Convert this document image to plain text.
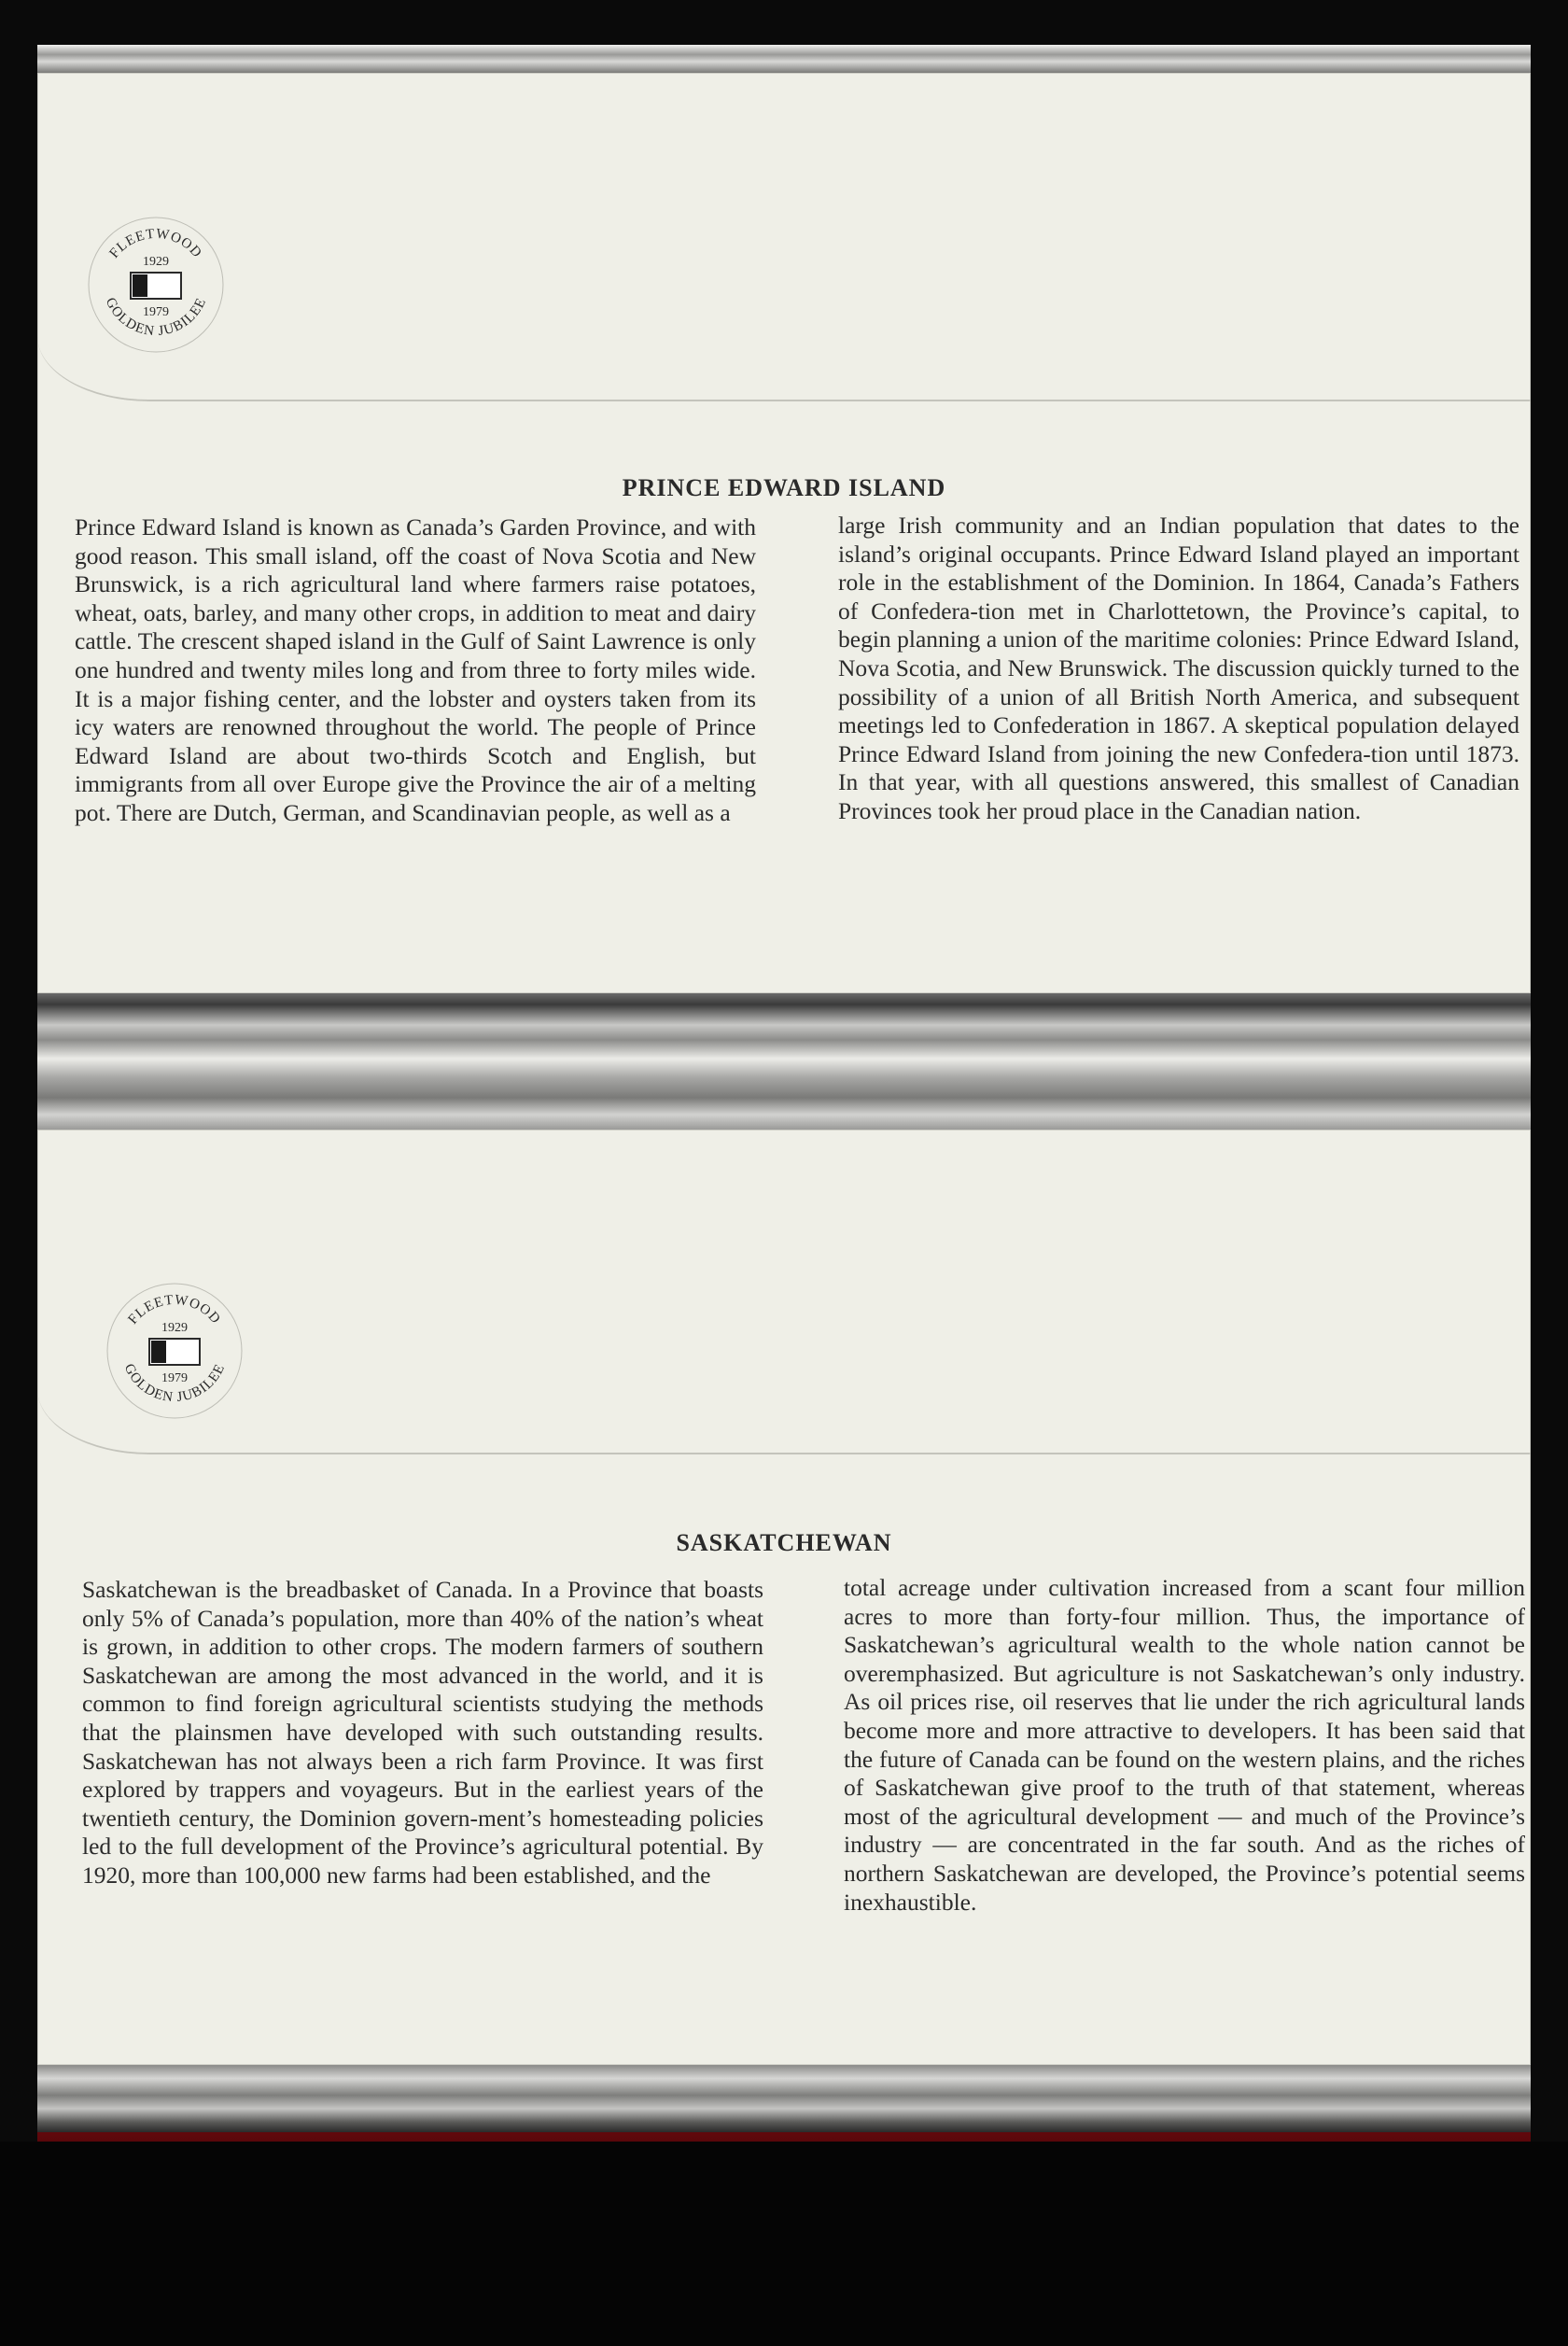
FLEETWOOD
GOLDEN JUBILEE
1929
1979
PRINCE EDWARD ISLAND

Prince Edward Island is known as Canada’s Garden Province, and with good reason. This small island, off the coast of Nova Scotia and New Brunswick, is a rich agricultural land where farmers raise potatoes, wheat, oats, barley, and many other crops, in addition to meat and dairy cattle. The crescent shaped island in the Gulf of Saint Lawrence is only one hundred and twenty miles long and from three to forty miles wide. It is a major fishing center, and the lobster and oysters taken from its icy waters are renowned throughout the world. The people of Prince Edward Island are about two-thirds Scotch and English, but immigrants from all over Europe give the Province the air of a melting pot. There are Dutch, German, and Scandinavian people, as well as a

large Irish community and an Indian population that dates to the island’s original occupants. Prince Edward Island played an important role in the establishment of the Dominion. In 1864, Canada’s Fathers of Confedera-tion met in Charlottetown, the Province’s capital, to begin planning a union of the maritime colonies: Prince Edward Island, Nova Scotia, and New Brunswick. The discussion quickly turned to the possibility of a union of all British North America, and subsequent meetings led to Confederation in 1867. A skeptical population delayed Prince Edward Island from joining the new Confedera-tion until 1873. In that year, with all questions answered, this smallest of Canadian Provinces took her proud place in the Canadian nation.

FLEETWOOD
GOLDEN JUBILEE
1929
1979
SASKATCHEWAN

Saskatchewan is the breadbasket of Canada. In a Province that boasts only 5% of Canada’s population, more than 40% of the nation’s wheat is grown, in addition to other crops. The modern farmers of southern Saskatchewan are among the most advanced in the world, and it is common to find foreign agricultural scientists studying the methods that the plainsmen have developed with such outstanding results. Saskatchewan has not always been a rich farm Province. It was first explored by trappers and voyageurs. But in the earliest years of the twentieth century, the Dominion govern-ment’s homesteading policies led to the full development of the Province’s agricultural potential. By 1920, more than 100,000 new farms had been established, and the

total acreage under cultivation increased from a scant four million acres to more than forty-four million. Thus, the importance of Saskatchewan’s agricultural wealth to the whole nation cannot be overemphasized. But agriculture is not Saskatchewan’s only industry. As oil prices rise, oil reserves that lie under the rich agricultural lands become more and more attractive to developers. It has been said that the future of Canada can be found on the western plains, and the riches of Saskatchewan give proof to the truth of that statement, whereas most of the agricultural development — and much of the Province’s industry — are concentrated in the far south. And as the riches of northern Saskatchewan are developed, the Province’s potential seems inexhaustible.
